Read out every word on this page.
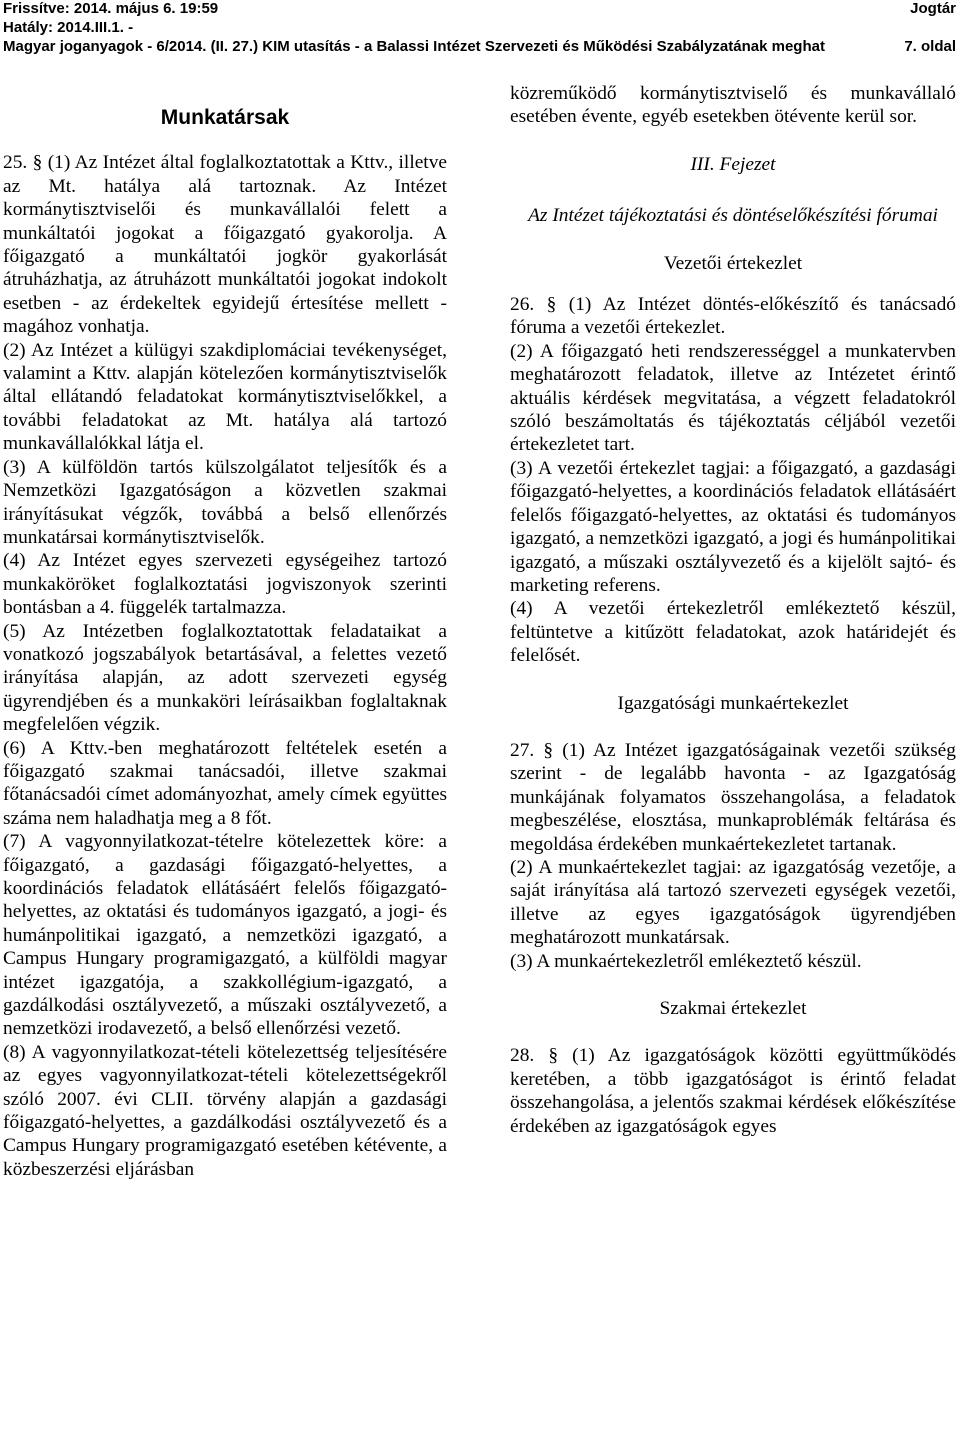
Frissítve: 2014. május 6. 19:59	Jogtár
Hatály: 2014.III.1. -
Magyar joganyagok - 6/2014. (II. 27.) KIM utasítás - a Balassi Intézet Szervezeti és Működési Szabályzatának meghat	7. oldal

Munkatársak

25. § (1) Az Intézet által foglalkoztatottak a Kttv., illetve az Mt. hatálya alá tartoznak. Az Intézet kormánytisztviselői és munkavállalói felett a munkáltatói jogokat a főigazgató gyakorolja. A főigazgató a munkáltatói jogkör gyakorlását átruházhatja, az átruházott munkáltatói jogokat indokolt esetben - az érdekeltek egyidejű értesítése mellett - magához vonhatja.

(2) Az Intézet a külügyi szakdiplomáciai tevékenységet, valamint a Kttv. alapján kötelezően kormánytisztviselők által ellátandó feladatokat kormánytisztviselőkkel, a további feladatokat az Mt. hatálya alá tartozó munkavállalókkal látja el.

(3) A külföldön tartós külszolgálatot teljesítők és a Nemzetközi Igazgatóságon a közvetlen szakmai irányításukat végzők, továbbá a belső ellenőrzés munkatársai kormánytisztviselők.

(4) Az Intézet egyes szervezeti egységeihez tartozó munkaköröket foglalkoztatási jogviszonyok szerinti bontásban a 4. függelék tartalmazza.

(5) Az Intézetben foglalkoztatottak feladataikat a vonatkozó jogszabályok betartásával, a felettes vezető irányítása alapján, az adott szervezeti egység ügyrendjében és a munkaköri leírásaikban foglaltaknak megfelelően végzik.

(6) A Kttv.-ben meghatározott feltételek esetén a főigazgató szakmai tanácsadói, illetve szakmai főtanácsadói címet adományozhat, amely címek együttes száma nem haladhatja meg a 8 főt.

(7) A vagyonnyilatkozat-tételre kötelezettek köre: a főigazgató, a gazdasági főigazgató-helyettes, a koordinációs feladatok ellátásáért felelős főigazgató-helyettes, az oktatási és tudományos igazgató, a jogi- és humánpolitikai igazgató, a nemzetközi igazgató, a Campus Hungary programigazgató, a külföldi magyar intézet igazgatója, a szakkollégium-igazgató, a gazdálkodási osztályvezető, a műszaki osztályvezető, a nemzetközi irodavezető, a belső ellenőrzési vezető.

(8) A vagyonnyilatkozat-tételi kötelezettség teljesítésére az egyes vagyonnyilatkozat-tételi kötelezettségekről szóló 2007. évi CLII. törvény alapján a gazdasági főigazgató-helyettes, a gazdálkodási osztályvezető és a Campus Hungary programigazgató esetében kétévente, a közbeszerzési eljárásban

közreműködő kormánytisztviselő és munkavállaló esetében évente, egyéb esetekben ötévente kerül sor.

III. Fejezet

Az Intézet tájékoztatási és döntéselőkészítési fórumai

Vezetői értekezlet

26. § (1) Az Intézet döntés-előkészítő és tanácsadó fóruma a vezetői értekezlet.

(2) A főigazgató heti rendszerességgel a munkatervben meghatározott feladatok, illetve az Intézetet érintő aktuális kérdések megvitatása, a végzett feladatokról szóló beszámoltatás és tájékoztatás céljából vezetői értekezletet tart.

(3) A vezetői értekezlet tagjai: a főigazgató, a gazdasági főigazgató-helyettes, a koordinációs feladatok ellátásáért felelős főigazgató-helyettes, az oktatási és tudományos igazgató, a nemzetközi igazgató, a jogi és humánpolitikai igazgató, a műszaki osztályvezető és a kijelölt sajtó- és marketing referens.

(4) A vezetői értekezletről emlékeztető készül, feltüntetve a kitűzött feladatokat, azok határidejét és felelősét.

Igazgatósági munkaértekezlet

27. § (1) Az Intézet igazgatóságainak vezetői szükség szerint - de legalább havonta - az Igazgatóság munkájának folyamatos összehangolása, a feladatok megbeszélése, elosztása, munkaproblémák feltárása és megoldása érdekében munkaértekezletet tartanak.

(2) A munkaértekezlet tagjai: az igazgatóság vezetője, a saját irányítása alá tartozó szervezeti egységek vezetői, illetve az egyes igazgatóságok ügyrendjében meghatározott munkatársak.

(3) A munkaértekezletről emlékeztető készül.

Szakmai értekezlet

28. § (1) Az igazgatóságok közötti együttműködés keretében, a több igazgatóságot is érintő feladat összehangolása, a jelentős szakmai kérdések előkészítése érdekében az igazgatóságok egyes
